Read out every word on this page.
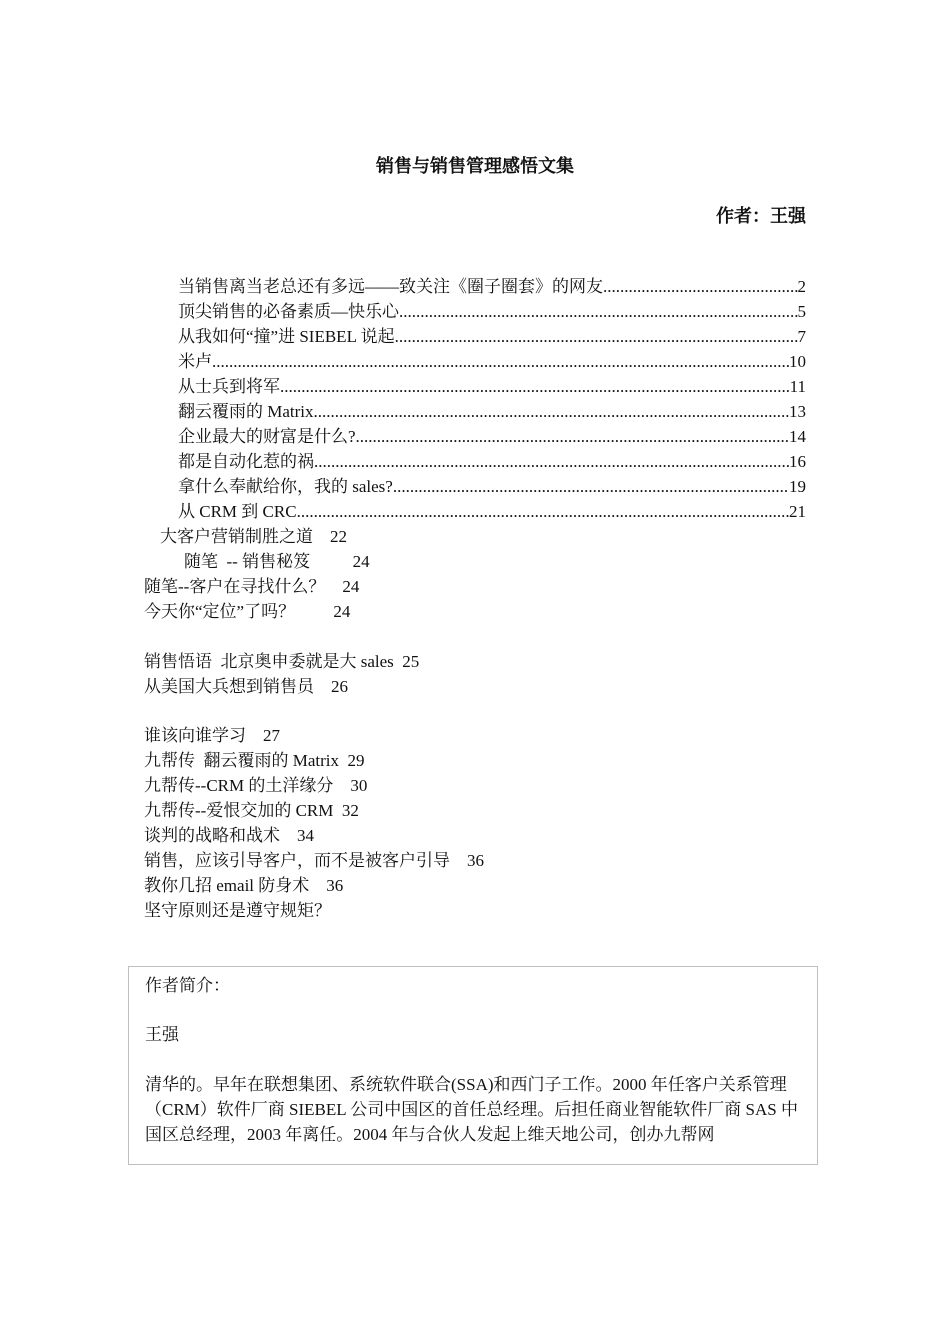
销售与销售管理感悟文集
作者：王强
当销售离当老总还有多远——致关注《圈子圈套》的网友 .....	2
顶尖销售的必备素质—快乐心 .....	5
从我如何“撞”进 SIEBEL 说起 .....	7
米卢 .....	10
从士兵到将军 .....	11
翻云覆雨的 Matrix .....	13
企业最大的财富是什么? .....	14
都是自动化惹的祸 .....	16
拿什么奉献给你，我的 sales? .....	19
从 CRM 到 CRC .....	21
大客户营销制胜之道    22
随笔  -- 销售秘笈          24
随笔--客户在寻找什么？    24
今天你“定位”了吗？         24
销售悟语  北京奥申委就是大 sales  25
从美国大兵想到销售员    26
谁该向谁学习    27
九帮传  翻云覆雨的 Matrix  29
九帮传--CRM 的土洋缘分    30
九帮传--爱恨交加的 CRM  32
谈判的战略和战术    34
销售，应该引导客户，而不是被客户引导    36
教你几招 email 防身术    36
坚守原则还是遵守规矩？
作者简介：
王强
清华的。早年在联想集团、系统软件联合(SSA)和西门子工作。2000 年任客户关系管理（CRM）软件厂商 SIEBEL 公司中国区的首任总经理。后担任商业智能软件厂商 SAS 中国区总经理，2003 年离任。2004 年与合伙人发起上维天地公司，创办九帮网
